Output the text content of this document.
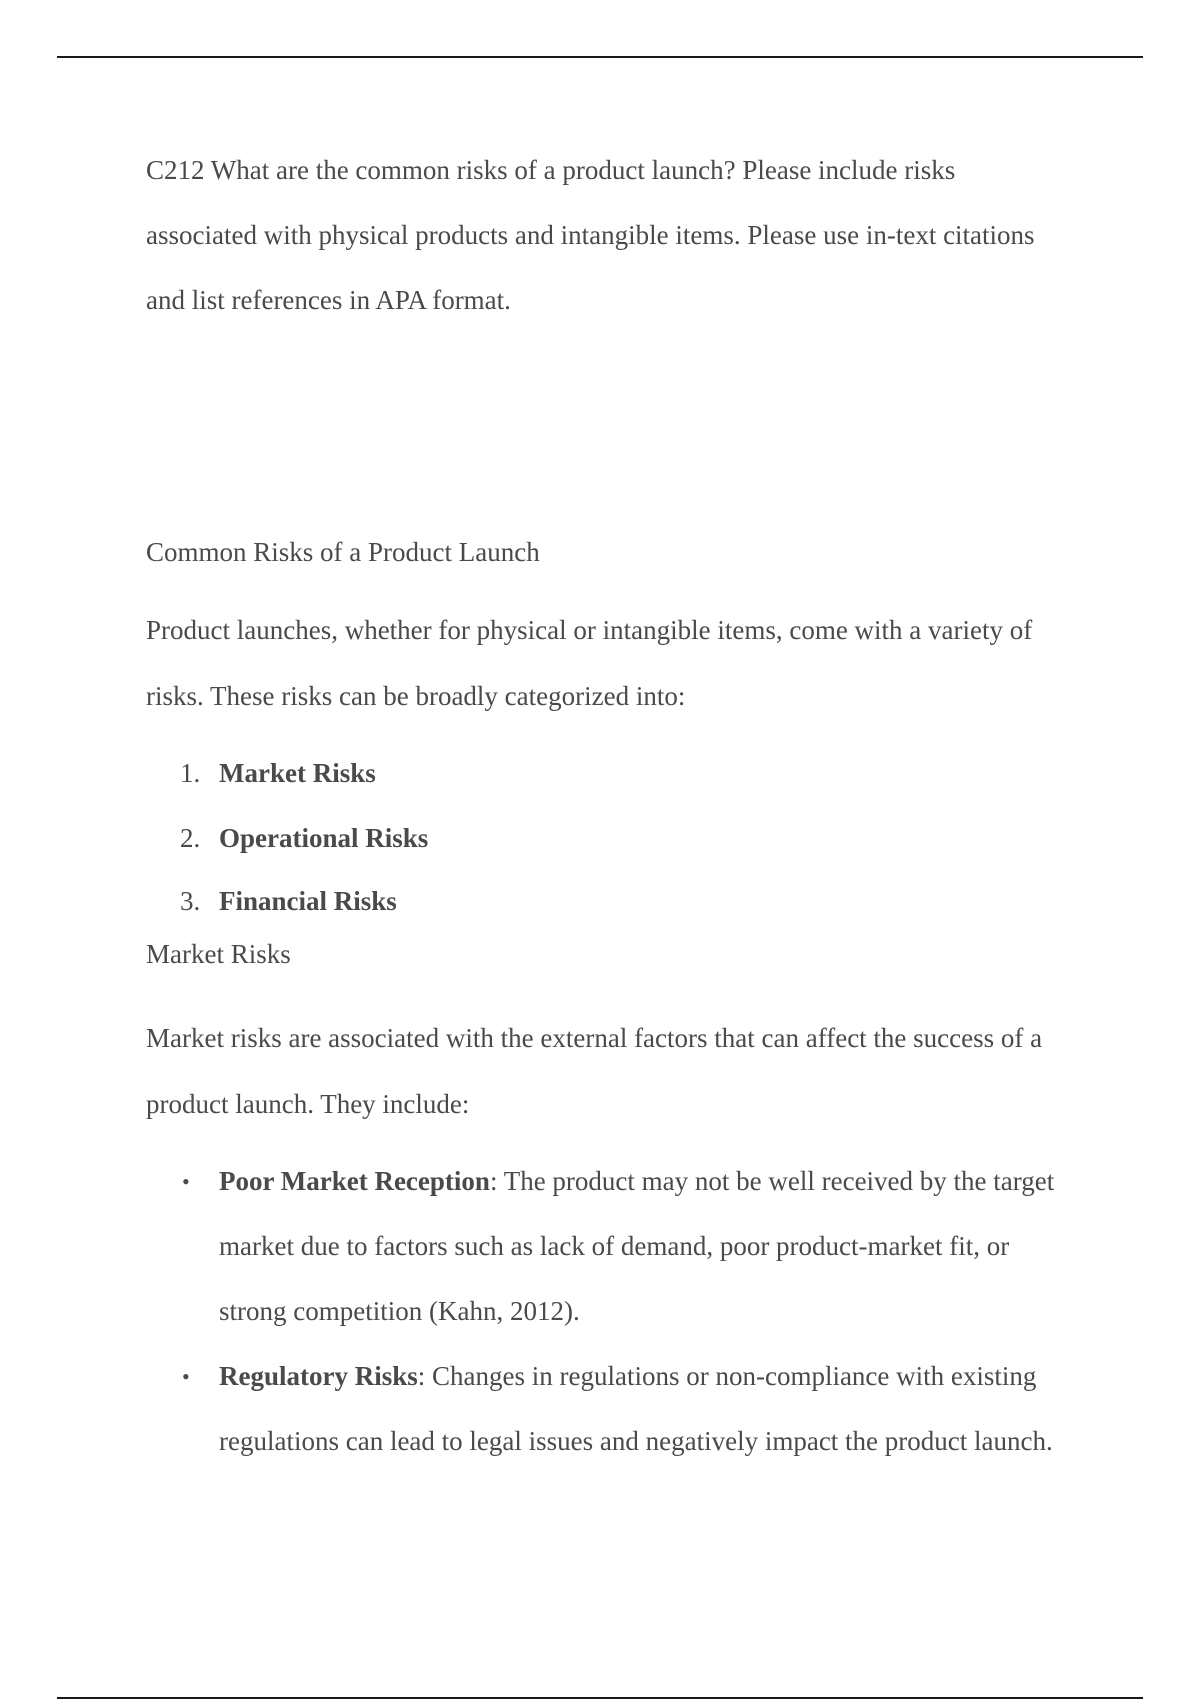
C212 What are the common risks of a product launch? Please include risks associated with physical products and intangible items. Please use in-text citations and list references in APA format.

Common Risks of a Product Launch

Product launches, whether for physical or intangible items, come with a variety of risks. These risks can be broadly categorized into:

1. Market Risks
2. Operational Risks
3. Financial Risks
Market Risks

Market risks are associated with the external factors that can affect the success of a product launch. They include:

• Poor Market Reception: The product may not be well received by the target market due to factors such as lack of demand, poor product-market fit, or strong competition (Kahn, 2012).
• Regulatory Risks: Changes in regulations or non-compliance with existing regulations can lead to legal issues and negatively impact the product launch.
